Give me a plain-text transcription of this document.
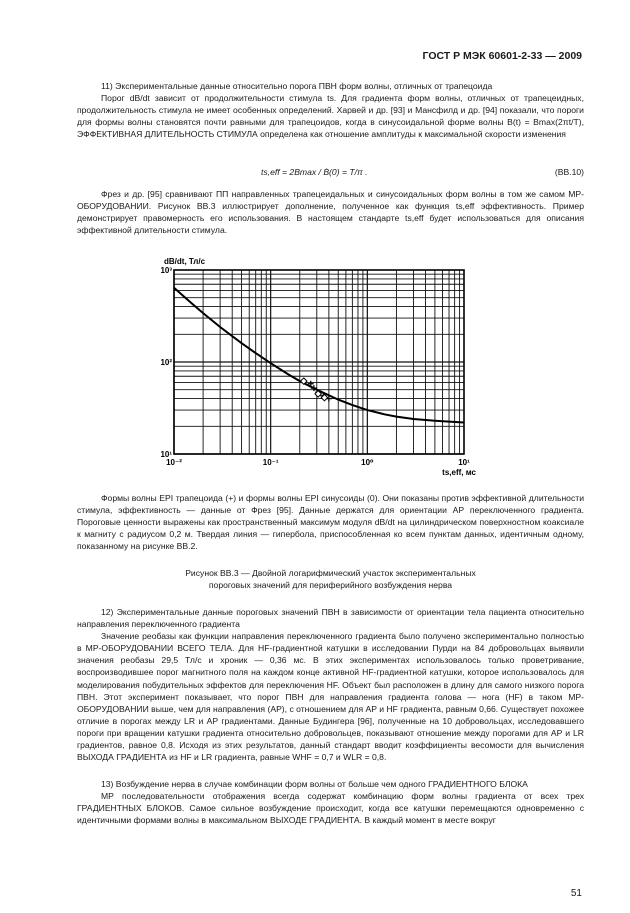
ГОСТ Р МЭК 60601-2-33 — 2009

11) Экспериментальные данные относительно порога ПВН форм волны, отличных от трапецоида

Порог dB/dt зависит от продолжительности стимула ts. Для градиента форм волны, отличных от трапецеидных, продолжительность стимула не имеет особенных определений. Харвей и др. [93] и Мансфилд и др. [94] показали, что пороги для формы волны становятся почти равными для трапецоидов, когда в синусоидальной форме волны B(t) = Bmax(2πt/T), ЭФФЕКТИВНАЯ ДЛИТЕЛЬНОСТЬ СТИМУЛА определена как отношение амплитуды к максимальной скорости изменения

ts,eff = 2Bmax / Ḃ(0) = T/π .	(BB.10)

Фрез и др. [95] сравнивают ПП направленных трапецеидальных и синусоидальных форм волны в том же самом МР-ОБОРУДОВАНИИ. Рисунок ВВ.3 иллюстрирует дополнение, полученное как функция ts,eff эффективность. Пример демонстрирует правомерность его использования. В настоящем стандарте ts,eff будет использоваться для описания эффективной длительности стимула.

10⁻²	10⁻¹	10⁰	10¹
10¹
10²
10³
dB/dt, Тл/с
ts,eff, мс

Формы волны EPI трапецоида (+) и формы волны EPI синусоиды (0). Они показаны против эффективной длительности стимула, эффективность — данные от Фрез [95]. Данные держатся для ориентации АР переключенного градиента. Пороговые ценности выражены как пространственный максимум модуля dB/dt на цилиндрическом поверхностном коаксиале к магниту с радиусом 0,2 м. Твердая линия — гипербола, приспособленная ко всем пунктам данных, идентичным одному, показанному на рисунке ВВ.2.

Рисунок ВВ.3 — Двойной логарифмический участок экспериментальных
пороговых значений для периферийного возбуждения нерва

12) Экспериментальные данные пороговых значений ПВН в зависимости от ориентации тела пациента относительно направления переключенного градиента

Значение реобазы как функции направления переключенного градиента было получено экспериментально полностью в МР-ОБОРУДОВАНИИ ВСЕГО ТЕЛА. Для HF-градиентной катушки в исследовании Пурди на 84 добровольцах выявили значения реобазы 29,5 Тл/с и хроник — 0,36 мс. В этих экспериментах использовалось только проветривание, воспроизводившее порог магнитного поля на каждом конце активной HF-градиентной катушки, которое использовалось для моделирования побудительных эффектов для переключения HF. Объект был расположен в длину для самого низкого порога ПВН. Этот эксперимент показывает, что порог ПВН для направления градиента голова — нога (HF) в таком МР-ОБОРУДОВАНИИ выше, чем для направления (AP), с отношением для AP и HF градиента, равным 0,66. Существует похожее отличие в порогах между LR и AP градиентами. Данные Будингера [96], полученные на 10 добровольцах, исследовавшего пороги при вращении катушки градиента относительно добровольцев, показывают отношение между порогами для AP и LR градиентов, равное 0,8. Исходя из этих результатов, данный стандарт вводит коэффициенты весомости для вычисления ВЫХОДА ГРАДИЕНТА из HF и LR градиента, равные WHF = 0,7 и WLR = 0,8.

13) Возбуждение нерва в случае комбинации форм волны от больше чем одного ГРАДИЕНТНОГО БЛОКА

МР последовательности отображения всегда содержат комбинацию форм волны градиента от всех трех ГРАДИЕНТНЫХ БЛОКОВ. Самое сильное возбуждение происходит, когда все катушки перемещаются одновременно с идентичными формами волны в максимальном ВЫХОДЕ ГРАДИЕНТА. В каждый момент в месте вокруг

51
